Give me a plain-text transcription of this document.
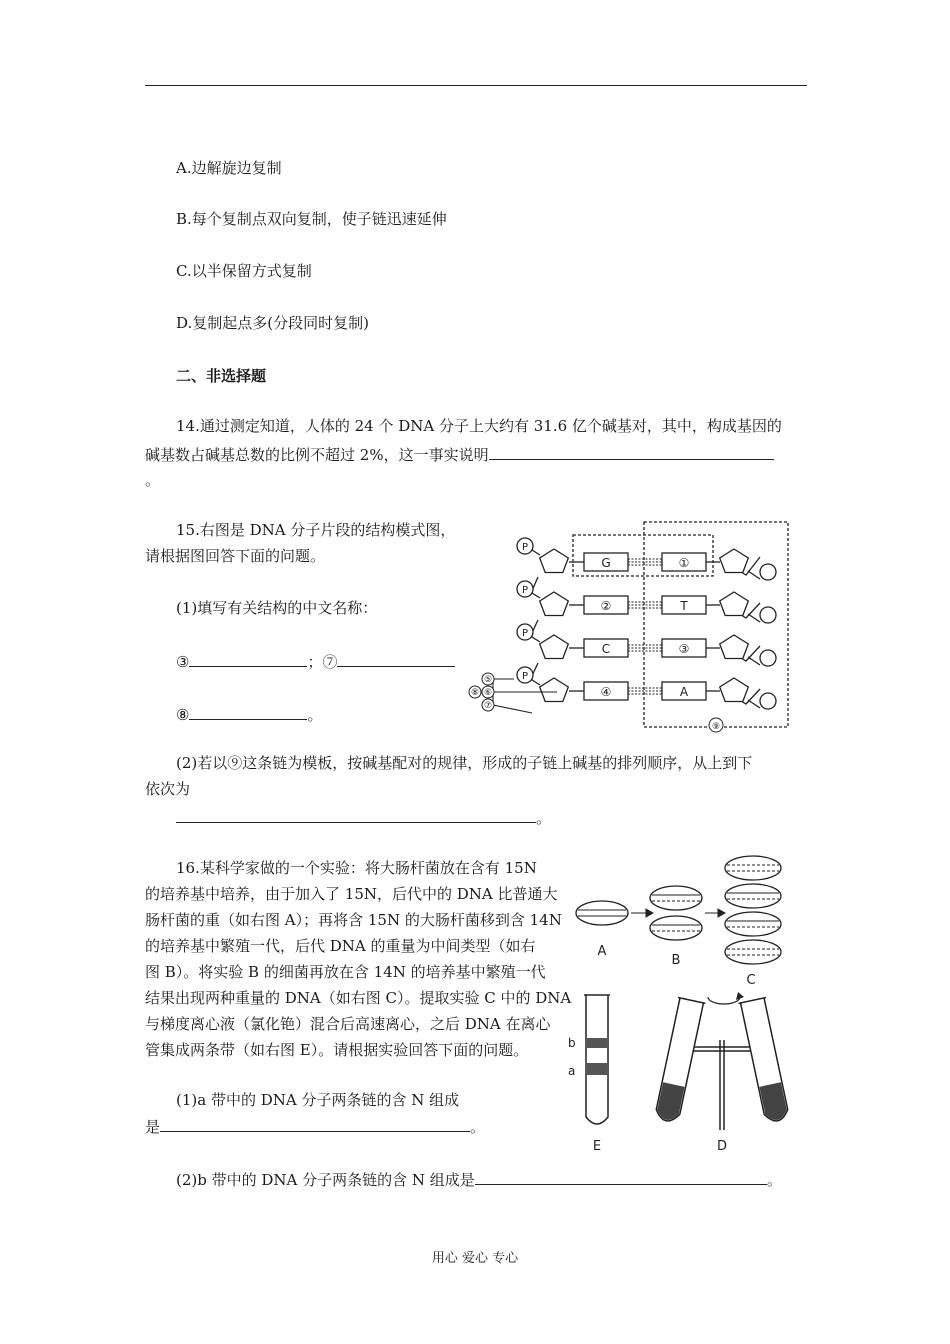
A.边解旋边复制
B.每个复制点双向复制，使子链迅速延伸
C.以半保留方式复制
D.复制起点多(分段同时复制)
二、非选择题
14.通过测定知道，人体的 24 个 DNA 分子上大约有 31.6 亿个碱基对，其中，构成基因的
碱基数占碱基总数的比例不超过 2%，这一事实说明
。
15.右图是 DNA 分子片段的结构模式图，
请根据图回答下面的问题。
(1)填写有关结构的中文名称：
③	；⑦
⑧	。
P
G	①
P
②	T
P
C	③
P
④	A
⑤
⑥
⑦
⑧
⑨
(2)若以⑨这条链为模板，按碱基配对的规律，形成的子链上碱基的排列顺序，从上到下
依次为
。
16.某科学家做的一个实验：将大肠杆菌放在含有 15N
的培养基中培养，由于加入了 15N，后代中的 DNA 比普通大
肠杆菌的重（如右图 A）；再将含 15N 的大肠杆菌移到含 14N
的培养基中繁殖一代，后代 DNA 的重量为中间类型（如右
图 B）。将实验 B 的细菌再放在含 14N 的培养基中繁殖一代
结果出现两种重量的 DNA（如右图 C）。提取实验 C 中的 DNA
与梯度离心液（氯化铯）混合后高速离心，之后 DNA 在离心
管集成两条带（如右图 E）。请根据实验回答下面的问题。
(1)a 带中的 DNA 分子两条链的含 N 组成
是	。
(2)b 带中的 DNA 分子两条链的含 N 组成是	。
A
B
C
b
a
E	D
用心 爱心 专心
